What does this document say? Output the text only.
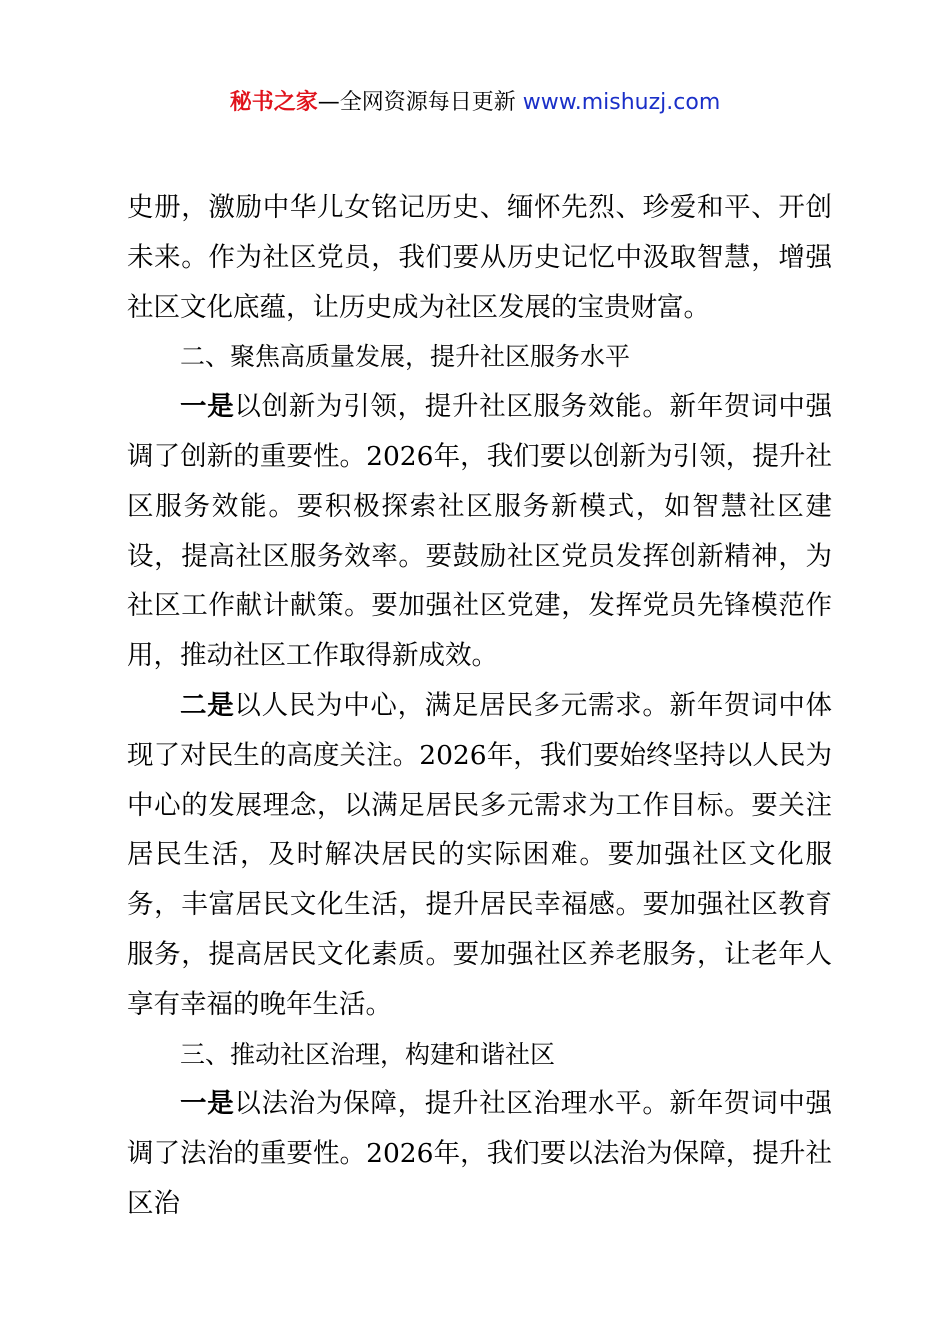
秘书之家—全网资源每日更新 www.mishuzj.com

史册，激励中华儿女铭记历史、缅怀先烈、珍爱和平、开创未来。作为社区党员，我们要从历史记忆中汲取智慧，增强社区文化底蕴，让历史成为社区发展的宝贵财富。

二、聚焦高质量发展，提升社区服务水平

一是以创新为引领，提升社区服务效能。新年贺词中强调了创新的重要性。2026年，我们要以创新为引领，提升社区服务效能。要积极探索社区服务新模式，如智慧社区建设，提高社区服务效率。要鼓励社区党员发挥创新精神，为社区工作献计献策。要加强社区党建，发挥党员先锋模范作用，推动社区工作取得新成效。

二是以人民为中心，满足居民多元需求。新年贺词中体现了对民生的高度关注。2026年，我们要始终坚持以人民为中心的发展理念，以满足居民多元需求为工作目标。要关注居民生活，及时解决居民的实际困难。要加强社区文化服务，丰富居民文化生活，提升居民幸福感。要加强社区教育服务，提高居民文化素质。要加强社区养老服务，让老年人享有幸福的晚年生活。

三、推动社区治理，构建和谐社区

一是以法治为保障，提升社区治理水平。新年贺词中强调了法治的重要性。2026年，我们要以法治为保障，提升社区治
